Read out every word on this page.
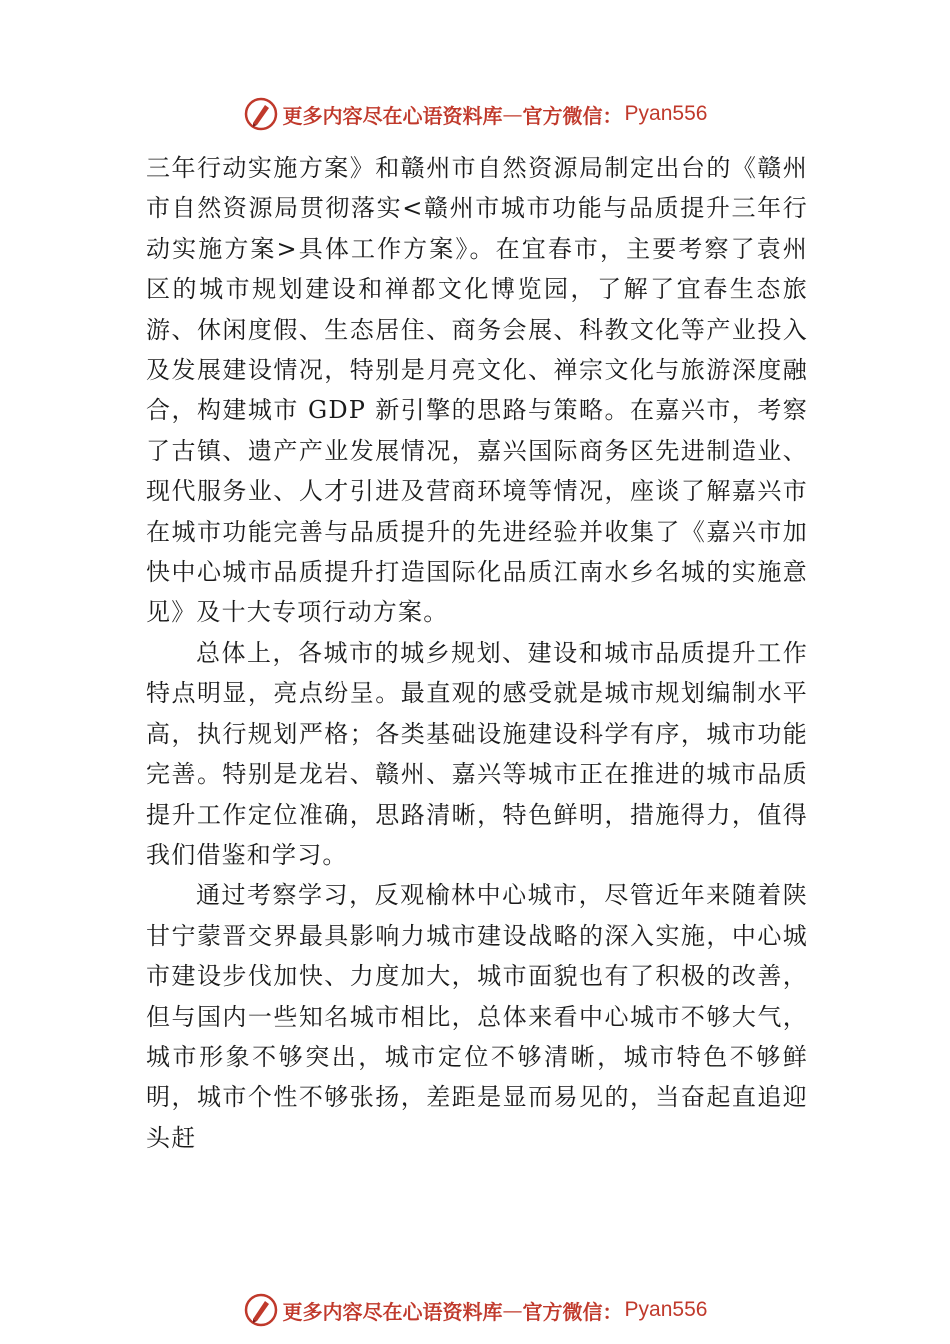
更多内容尽在心语资料库 — 官方微信： Pyan556

三年行动实施方案》和赣州市自然资源局制定出台的《赣州市自然资源局贯彻落实<赣州市城市功能与品质提升三年行动实施方案>具体工作方案》。在宜春市，主要考察了袁州区的城市规划建设和禅都文化博览园，了解了宜春生态旅游、休闲度假、生态居住、商务会展、科教文化等产业投入及发展建设情况，特别是月亮文化、禅宗文化与旅游深度融合，构建城市 GDP 新引擎的思路与策略。在嘉兴市，考察了古镇、遗产产业发展情况，嘉兴国际商务区先进制造业、现代服务业、人才引进及营商环境等情况，座谈了解嘉兴市在城市功能完善与品质提升的先进经验并收集了《嘉兴市加快中心城市品质提升打造国际化品质江南水乡名城的实施意见》及十大专项行动方案。

总体上，各城市的城乡规划、建设和城市品质提升工作特点明显，亮点纷呈。最直观的感受就是城市规划编制水平高，执行规划严格；各类基础设施建设科学有序，城市功能完善。特别是龙岩、赣州、嘉兴等城市正在推进的城市品质提升工作定位准确，思路清晰，特色鲜明，措施得力，值得我们借鉴和学习。

通过考察学习，反观榆林中心城市，尽管近年来随着陕甘宁蒙晋交界最具影响力城市建设战略的深入实施，中心城市建设步伐加快、力度加大，城市面貌也有了积极的改善，但与国内一些知名城市相比，总体来看中心城市不够大气，城市形象不够突出，城市定位不够清晰，城市特色不够鲜明，城市个性不够张扬，差距是显而易见的，当奋起直追迎头赶

更多内容尽在心语资料库 — 官方微信： Pyan556
